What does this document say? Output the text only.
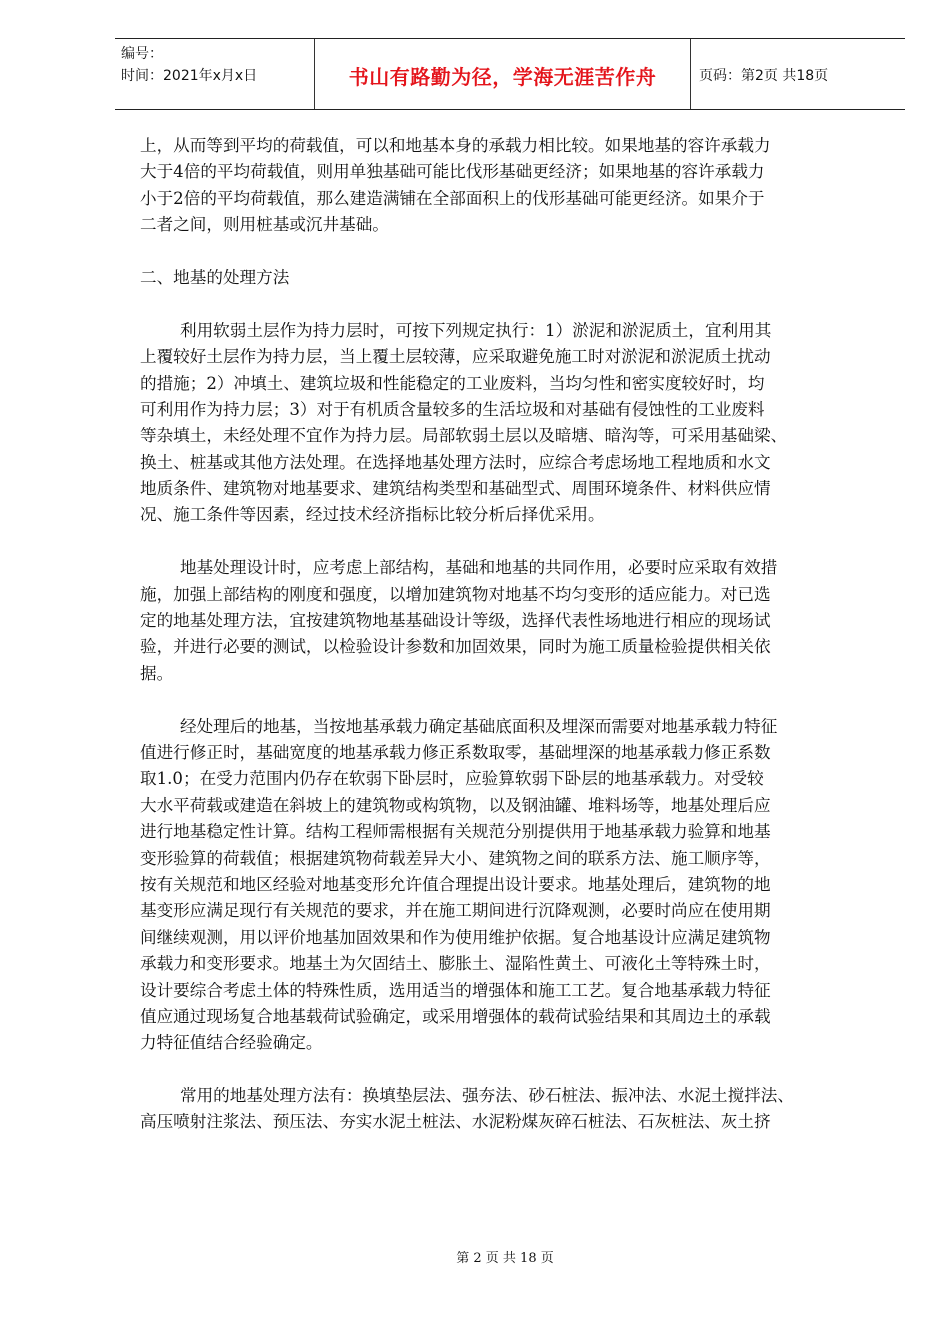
编号：
时间：2021年x月x日	书山有路勤为径，学海无涯苦作舟	页码：第2页 共18页
上，从而等到平均的荷载值，可以和地基本身的承载力相比较。如果地基的容许承载力
大于4倍的平均荷载值，则用单独基础可能比伐形基础更经济；如果地基的容许承载力
小于2倍的平均荷载值，那么建造满铺在全部面积上的伐形基础可能更经济。如果介于
二者之间，则用桩基或沉井基础。
二、地基的处理方法
利用软弱土层作为持力层时，可按下列规定执行：1）淤泥和淤泥质土，宜利用其
上覆较好土层作为持力层，当上覆土层较薄，应采取避免施工时对淤泥和淤泥质土扰动
的措施；2）冲填土、建筑垃圾和性能稳定的工业废料，当均匀性和密实度较好时，均
可利用作为持力层；3）对于有机质含量较多的生活垃圾和对基础有侵蚀性的工业废料
等杂填土，未经处理不宜作为持力层。局部软弱土层以及暗塘、暗沟等，可采用基础梁、
换土、桩基或其他方法处理。在选择地基处理方法时，应综合考虑场地工程地质和水文
地质条件、建筑物对地基要求、建筑结构类型和基础型式、周围环境条件、材料供应情
况、施工条件等因素，经过技术经济指标比较分析后择优采用。
地基处理设计时，应考虑上部结构，基础和地基的共同作用，必要时应采取有效措
施，加强上部结构的刚度和强度，以增加建筑物对地基不均匀变形的适应能力。对已选
定的地基处理方法，宜按建筑物地基基础设计等级，选择代表性场地进行相应的现场试
验，并进行必要的测试，以检验设计参数和加固效果，同时为施工质量检验提供相关依
据。
经处理后的地基，当按地基承载力确定基础底面积及埋深而需要对地基承载力特征
值进行修正时，基础宽度的地基承载力修正系数取零，基础埋深的地基承载力修正系数
取1.0；在受力范围内仍存在软弱下卧层时，应验算软弱下卧层的地基承载力。对受较
大水平荷载或建造在斜坡上的建筑物或构筑物，以及钢油罐、堆料场等，地基处理后应
进行地基稳定性计算。结构工程师需根据有关规范分别提供用于地基承载力验算和地基
变形验算的荷载值；根据建筑物荷载差异大小、建筑物之间的联系方法、施工顺序等，
按有关规范和地区经验对地基变形允许值合理提出设计要求。地基处理后，建筑物的地
基变形应满足现行有关规范的要求，并在施工期间进行沉降观测，必要时尚应在使用期
间继续观测，用以评价地基加固效果和作为使用维护依据。复合地基设计应满足建筑物
承载力和变形要求。地基土为欠固结土、膨胀土、湿陷性黄土、可液化土等特殊土时，
设计要综合考虑土体的特殊性质，选用适当的增强体和施工工艺。复合地基承载力特征
值应通过现场复合地基载荷试验确定，或采用增强体的载荷试验结果和其周边土的承载
力特征值结合经验确定。
常用的地基处理方法有：换填垫层法、强夯法、砂石桩法、振冲法、水泥土搅拌法、
高压喷射注浆法、预压法、夯实水泥土桩法、水泥粉煤灰碎石桩法、石灰桩法、灰土挤
第 2 页 共 18 页
